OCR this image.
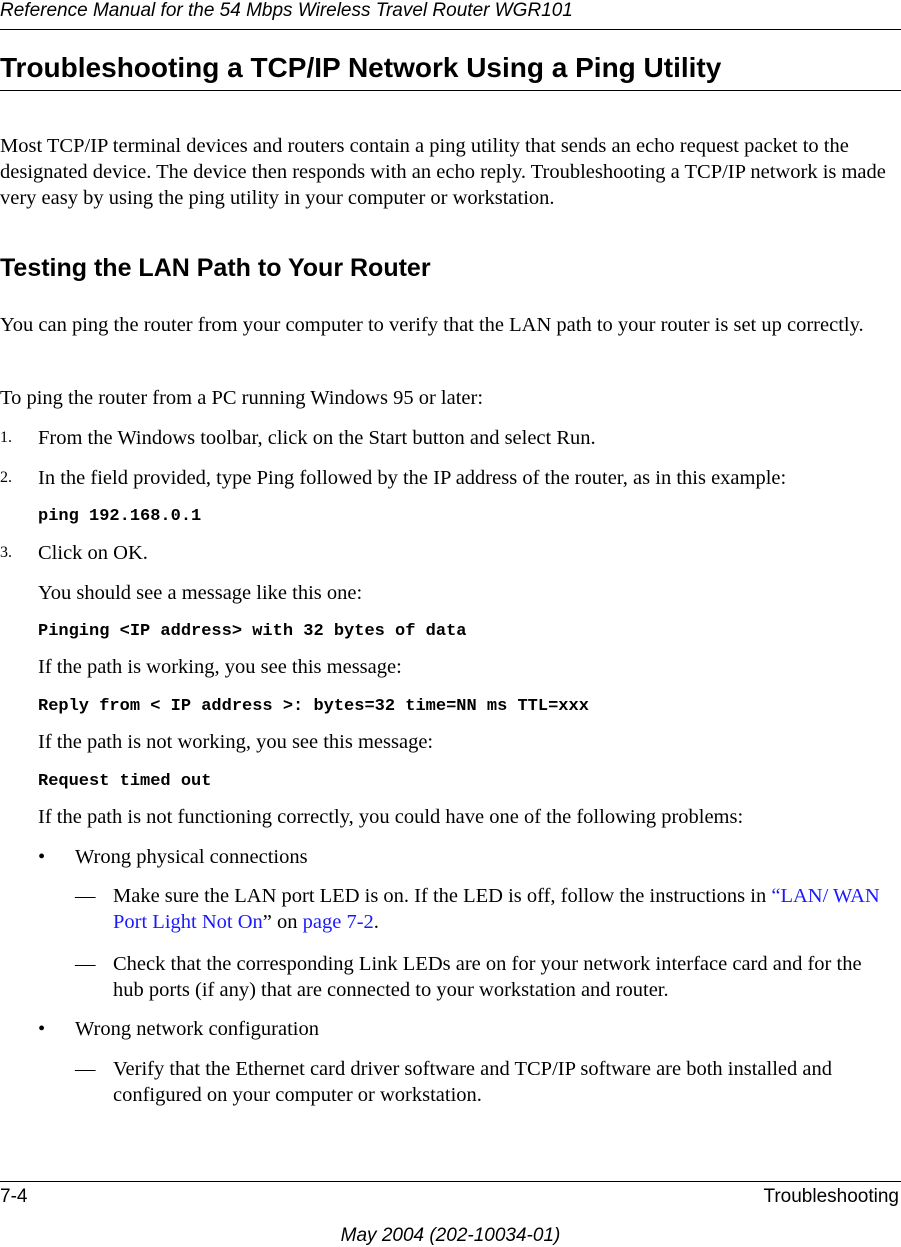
Reference Manual for the 54 Mbps Wireless Travel Router WGR101
Troubleshooting a TCP/IP Network Using a Ping Utility
Most TCP/IP terminal devices and routers contain a ping utility that sends an echo request packet to the designated device. The device then responds with an echo reply. Troubleshooting a TCP/IP network is made very easy by using the ping utility in your computer or workstation.
Testing the LAN Path to Your Router
You can ping the router from your computer to verify that the LAN path to your router is set up correctly.
To ping the router from a PC running Windows 95 or later:
1. From the Windows toolbar, click on the Start button and select Run.
2. In the field provided, type Ping followed by the IP address of the router, as in this example:
ping 192.168.0.1
3. Click on OK.
You should see a message like this one:
Pinging <IP address> with 32 bytes of data
If the path is working, you see this message:
Reply from < IP address >: bytes=32 time=NN ms TTL=xxx
If the path is not working, you see this message:
Request timed out
If the path is not functioning correctly, you could have one of the following problems:
• Wrong physical connections
— Make sure the LAN port LED is on. If the LED is off, follow the instructions in “LAN/ WAN Port Light Not On” on page 7-2.
— Check that the corresponding Link LEDs are on for your network interface card and for the hub ports (if any) that are connected to your workstation and router.
• Wrong network configuration
— Verify that the Ethernet card driver software and TCP/IP software are both installed and configured on your computer or workstation.
7-4	Troubleshooting
May 2004 (202-10034-01)
